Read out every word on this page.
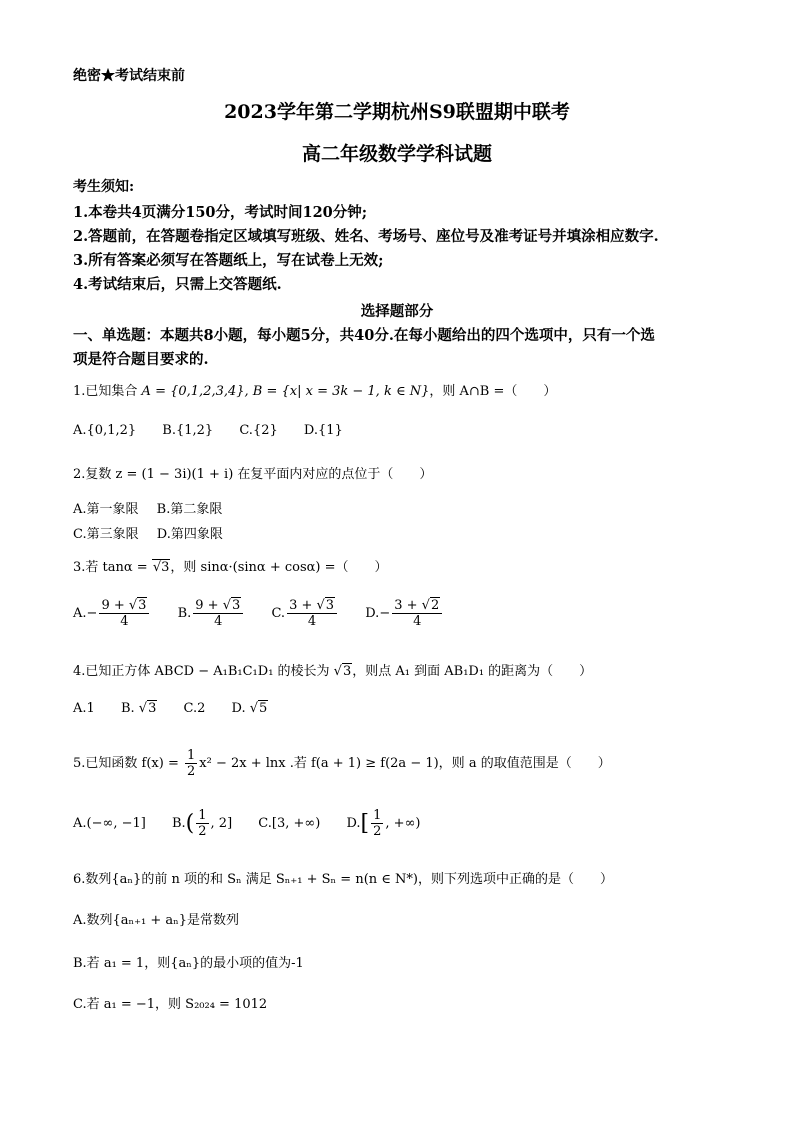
绝密★考试结束前
2023学年第二学期杭州S9联盟期中联考
高二年级数学学科试题
考生须知:
1.本卷共4页满分150分，考试时间120分钟;
2.答题前，在答题卷指定区域填写班级、姓名、考场号、座位号及准考证号并填涂相应数字.
3.所有答案必须写在答题纸上，写在试卷上无效;
4.考试结束后，只需上交答题纸.
选择题部分
一、单选题：本题共8小题，每小题5分，共40分.在每小题给出的四个选项中，只有一个选
项是符合题目要求的.
1.已知集合 A = {0,1,2,3,4}, B = {x| x = 3k − 1, k ∈ N}，则 A∩B =（　　）
A.{0,1,2} B.{1,2} C.{2} D.{1}
2.复数 z = (1 − 3i)(1 + i) 在复平面内对应的点位于（　　）
A.第一象限 B.第二象限
C.第三象限 D.第四象限
3.若 tanα = √3，则 sinα·(sinα + cosα) =（　　）
$A.- \frac{9 + √3}{4} B$. $\frac{9 + √3}{4} C$. $\frac{3 + √3}{4} D.- \frac{3 + √2}{4}$
4.已知正方体 ABCD − A₁B₁C₁D₁ 的棱长为 √3，则点 A₁ 到面 AB₁D₁ 的距离为（　　）
A.1 B. √3 C.2 D. √5
5.已知函数 $f(x) = \frac{1}{2} x^2 - 2x + \ln x$ .若 f(a + 1) ≥ f(2a − 1)，则 a 的取值范围是（　　）
A.(−∞, −1] $B.( \frac{1}{2}$ , 2] C.[3, +∞) $D.[ \frac{1}{2}$ , +∞)
6.数列{aₙ}的前 n 项的和 Sₙ 满足 Sₙ₊₁ + Sₙ = n(n ∈ N*)，则下列选项中正确的是（　　）
A.数列{aₙ₊₁ + aₙ}是常数列
B.若 a₁ = 1，则{aₙ}的最小项的值为-1
C.若 a₁ = −1，则 S₂₀₂₄ = 1012
